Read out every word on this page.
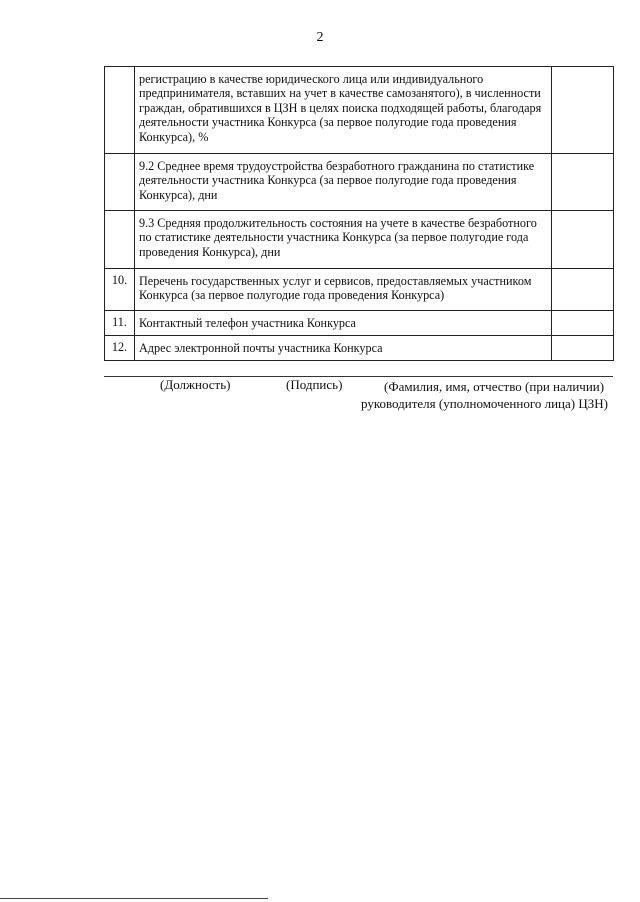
2
	регистрацию в качестве юридического лица или индивидуального предпринимателя, вставших на учет в качестве самозанятого), в численности граждан, обратившихся в ЦЗН в целях поиска подходящей работы, благодаря деятельности участника Конкурса (за первое полугодие года проведения Конкурса), %	
	9.2 Среднее время трудоустройства безработного гражданина по статистике деятельности участника Конкурса (за первое полугодие года проведения Конкурса), дни	
	9.3 Средняя продолжительность состояния на учете в качестве безработного по статистике деятельности участника Конкурса (за первое полугодие года проведения Конкурса), дни	
10.	Перечень государственных услуг и сервисов, предоставляемых участником Конкурса (за первое полугодие года проведения Конкурса)	
11.	Контактный телефон участника Конкурса	
12.	Адрес электронной почты участника Конкурса	
(Должность)	(Подпись)	(Фамилия, имя, отчество (при наличии)
руководителя (уполномоченного лица) ЦЗН)
